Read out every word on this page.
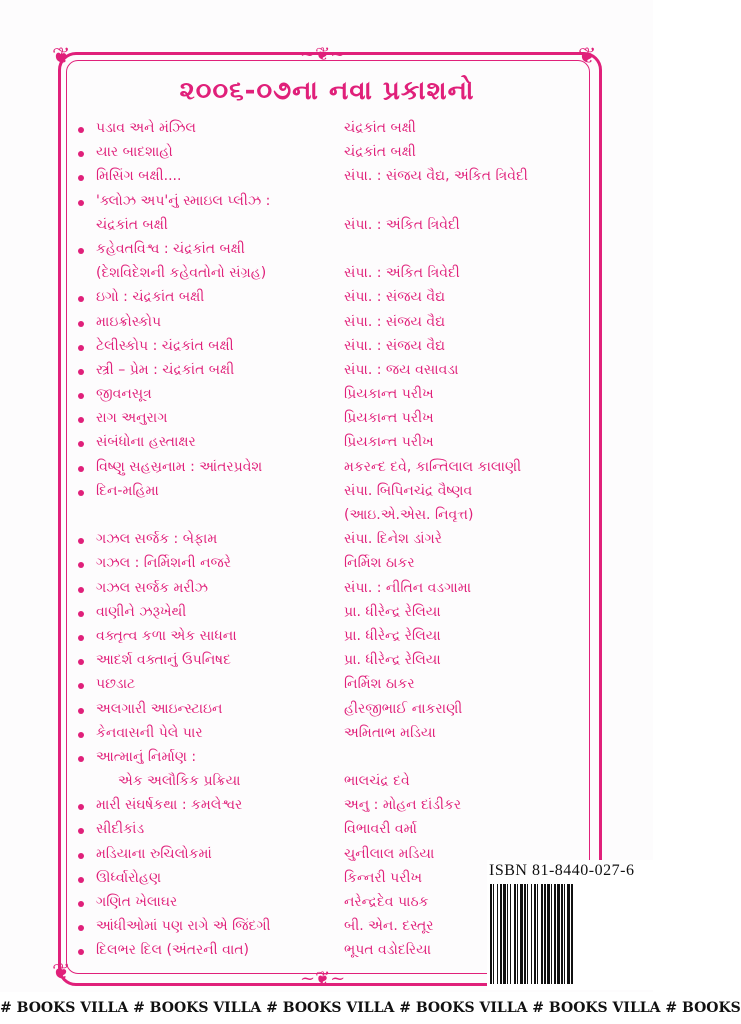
❦	❦
❦
~❦~
~❦~
૨૦૦૬-૦૭ના નવા પ્રકાશનો
પડાવ અને મંઝિલ	ચંદ્રકાંત બક્ષી
યાર બાદશાહો	ચંદ્રકાંત બક્ષી
મિસિંગ બક્ષી....	સંપા. : સંજય વૈદ્ય, અંકિત ત્રિવેદી
'ક્લોઝ અપ'નું સ્માઇલ પ્લીઝ :
ચંદ્રકાંત બક્ષી	સંપા. : અંકિત ત્રિવેદી
કહેવતવિશ્વ : ચંદ્રકાંત બક્ષી
(દેશવિદેશની કહેવતોનો સંગ્રહ)	સંપા. : અંકિત ત્રિવેદી
ઇગો : ચંદ્રકાંત બક્ષી	સંપા. : સંજય વૈદ્ય
માઇક્રોસ્કોપ	સંપા. : સંજય વૈદ્ય
ટેલીસ્કોપ : ચંદ્રકાંત બક્ષી	સંપા. : સંજય વૈદ્ય
સ્ત્રી – પ્રેમ : ચંદ્રકાંત બક્ષી	સંપા. : જય વસાવડા
જીવનસૂત્ર	પ્રિયકાન્ત પરીખ
રાગ અનુરાગ	પ્રિયકાન્ત પરીખ
સંબંધોના હસ્તાક્ષર	પ્રિયકાન્ત પરીખ
વિષ્ણુ સહસ્રનામ : આંતરપ્રવેશ	મકરન્દ દવે, કાન્તિલાલ કાલાણી
દિન-મહિમા	સંપા. બિપિનચંદ્ર વૈષ્ણવ
(આઇ.એ.એસ. નિવૃત્ત)
ગઝલ સર્જક : બેફામ	સંપા. દિનેશ ડાંગરે
ગઝલ : નિર્મિશની નજરે	નિર્મિશ ઠાકર
ગઝલ સર્જક મરીઝ	સંપા. : નીતિન વડગામા
વાણીને ઝરૂખેથી	પ્રા. ધીરેન્દ્ર રેલિયા
વક્તૃત્વ કળા એક સાધના	પ્રા. ધીરેન્દ્ર રેલિયા
આદર્શ વક્તાનું ઉપનિષદ	પ્રા. ધીરેન્દ્ર રેલિયા
પછડાટ	નિર્મિશ ઠાકર
અલગારી આઇન્સ્ટાઇન	હીરજીભાઈ નાકરાણી
કેનવાસની પેલે પાર	અમિતાભ મડિયા
આત્માનું નિર્માણ :
એક અલૌકિક પ્રક્રિયા	ભાલચંદ્ર દવે
મારી સંઘર્ષકથા : કમલેશ્વર	અનુ : મોહન દાંડીકર
સીદીકાંડ	વિભાવરી વર્મા
મડિયાના રુચિલોકમાં	ચુનીલાલ મડિયા
ઊર્ધ્વારોહણ	કિન્નરી પરીખ
ગણિત ખેલાઘર	નરેન્દ્રદેવ પાઠક
આંધીઓમાં પણ રાગે એ જિંદગી	બી. એન. દસ્તૂર
દિલભર દિલ (અંતરની વાત)	ભૂપત વડોદરિયા
ISBN 81-8440-027-6
# BOOKS VILLA # BOOKS VILLA # BOOKS VILLA # BOOKS VILLA # BOOKS VILLA # BOOKS
